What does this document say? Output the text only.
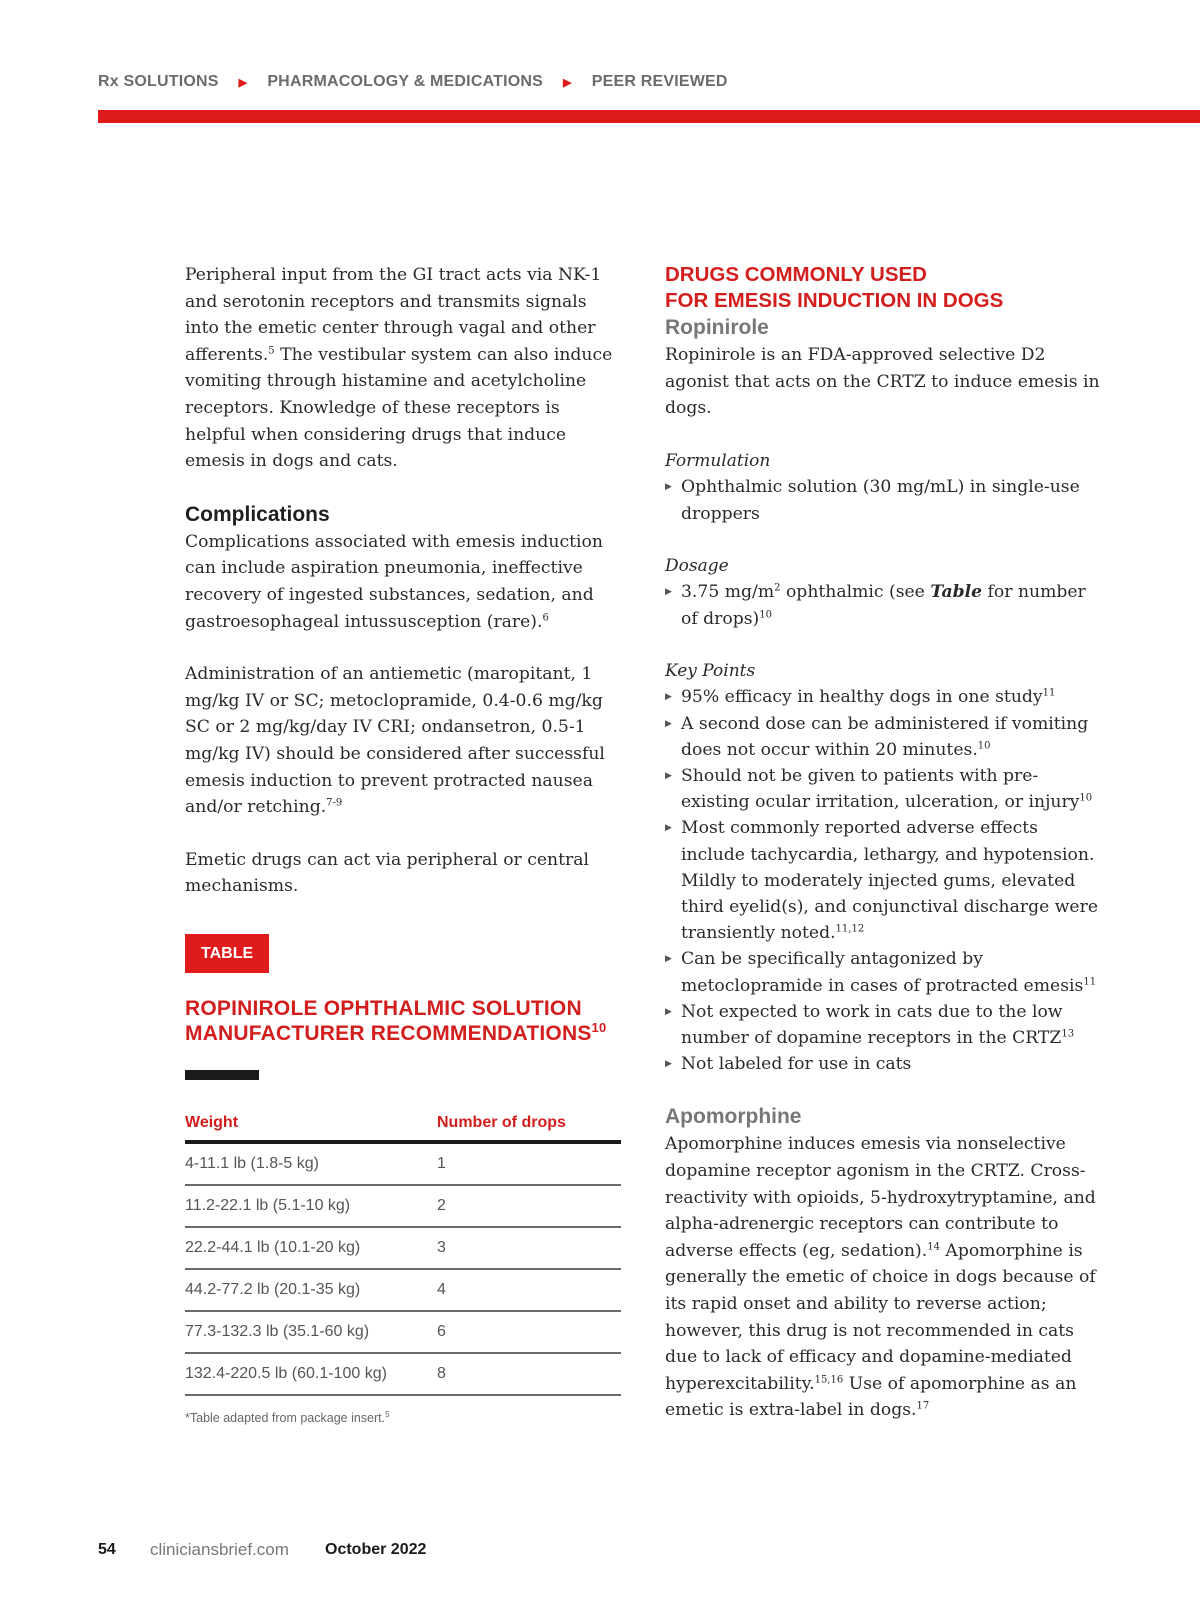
Rx SOLUTIONS ▶ PHARMACOLOGY & MEDICATIONS ▶ PEER REVIEWED

Peripheral input from the GI tract acts via NK-1 and serotonin receptors and transmits signals into the emetic center through vagal and other afferents.$^5$ The vestibular system can also induce vomiting through histamine and acetylcholine receptors. Knowledge of these receptors is helpful when considering drugs that induce emesis in dogs and cats.

Complications

Complications associated with emesis induction can include aspiration pneumonia, ineffective recovery of ingested substances, sedation, and gastroesophageal intussusception (rare).$^6$

Administration of an antiemetic (maropitant, 1 mg/kg IV or SC; metoclopramide, 0.4-0.6 mg/kg SC or 2 mg/kg/day IV CRI; ondansetron, 0.5-1 mg/kg IV) should be considered after successful emesis induction to prevent protracted nausea and/or retching.$^{7-9}$

Emetic drugs can act via peripheral or central mechanisms.

TABLE
ROPINIROLE OPHTHALMIC SOLUTION MANUFACTURER RECOMMENDATIONS$^{10}$
Weight	Number of drops
4-11.1 lb (1.8-5 kg)	1
11.2-22.1 lb (5.1-10 kg)	2
22.2-44.1 lb (10.1-20 kg)	3
44.2-77.2 lb (20.1-35 kg)	4
77.3-132.3 lb (35.1-60 kg)	6
132.4-220.5 lb (60.1-100 kg)	8
*Table adapted from package insert.$^5$
DRUGS COMMONLY USED
FOR EMESIS INDUCTION IN DOGS
Ropinirole

Ropinirole is an FDA-approved selective D2 agonist that acts on the CRTZ to induce emesis in dogs.

Formulation

▶ Ophthalmic solution (30 mg/mL) in single-use droppers

Dosage

▶ 3.75 $mg/m^2$ ophthalmic (see Table for number of drops)$^{10}$

Key Points

▶ 95% efficacy in healthy dogs in one study$^{11}$
▶ A second dose can be administered if vomiting does not occur within 20 minutes.$^{10}$
▶ Should not be given to patients with pre-existing ocular irritation, ulceration, or injury$^{10}$
▶ Most commonly reported adverse effects include tachycardia, lethargy, and hypotension. Mildly to moderately injected gums, elevated third eyelid(s), and conjunctival discharge were transiently noted.$^{11,12}$
▶ Can be specifically antagonized by metoclopramide in cases of protracted emesis$^{11}$
▶ Not expected to work in cats due to the low number of dopamine receptors in the CRTZ$^{13}$
▶ Not labeled for use in cats
Apomorphine

Apomorphine induces emesis via nonselective dopamine receptor agonism in the CRTZ. Cross-reactivity with opioids, 5-hydroxytryptamine, and alpha-adrenergic receptors can contribute to adverse effects (eg, sedation).$^{14}$ Apomorphine is generally the emetic of choice in dogs because of its rapid onset and ability to reverse action; however, this drug is not recommended in cats due to lack of efficacy and dopamine-mediated hyperexcitability.$^{15,16}$ Use of apomorphine as an emetic is extra-label in dogs.$^{17}$

54	cliniciansbrief.com	October 2022
